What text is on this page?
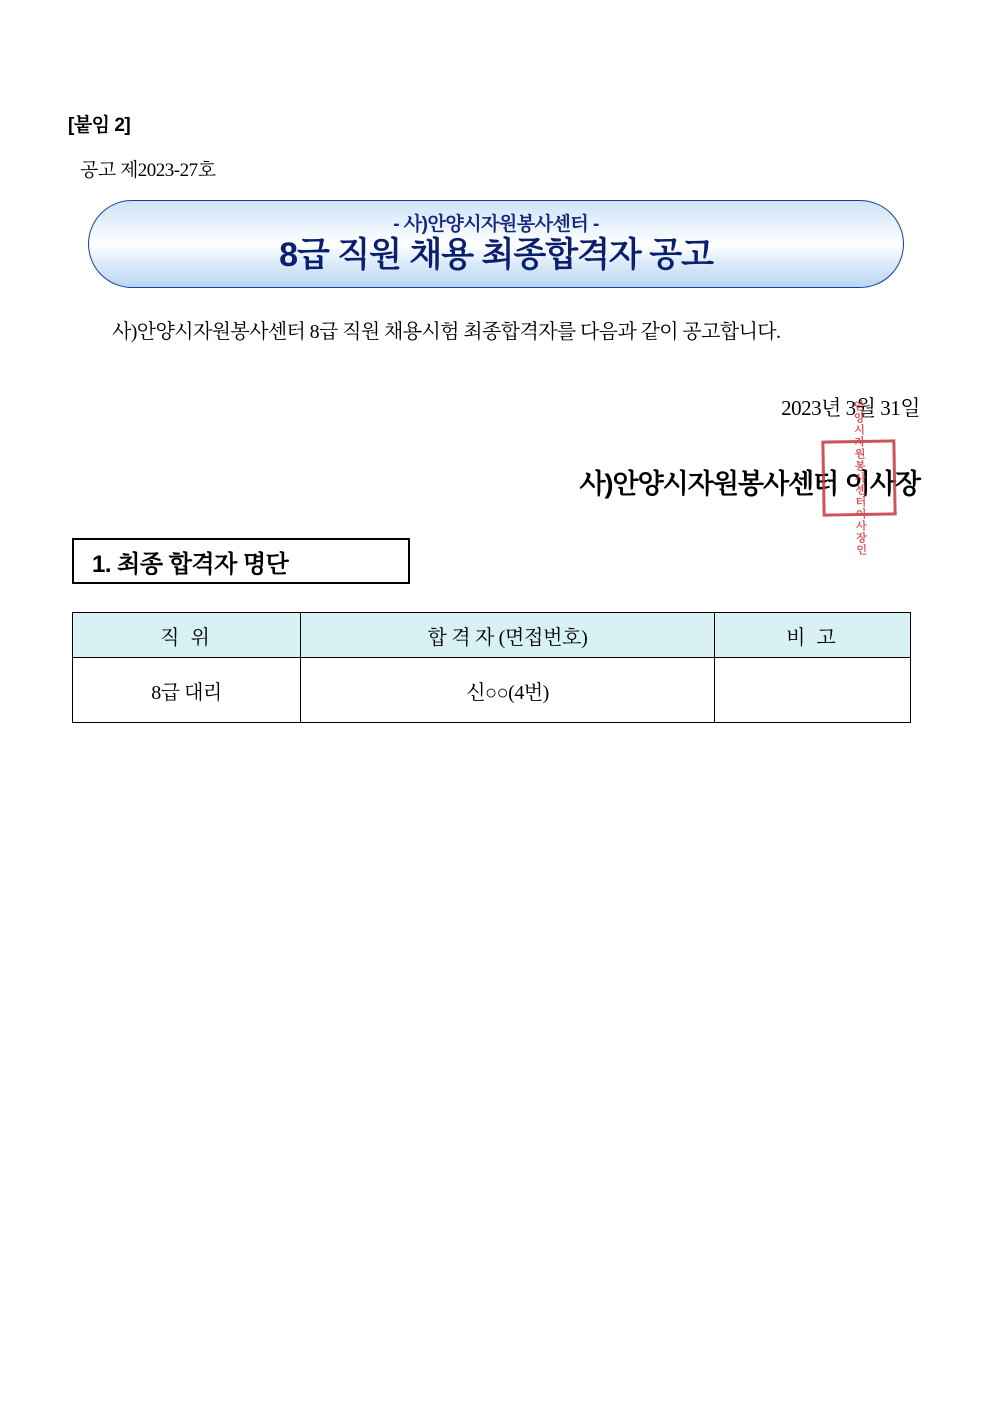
[붙임 2]
공고 제2023-27호
- 사)안양시자원봉사센터 -
8급 직원 채용 최종합격자 공고
사)안양시자원봉사센터 8급 직원 채용시험 최종합격자를 다음과 같이 공고합니다.
2023년 3월 31일
사)안양시자원봉사센터 이사장
안양시자원봉사센터이사장인
1. 최종 합격자 명단
직 위	합 격 자 (면접번호)	비 고
8급 대리	신○○(4번)	
